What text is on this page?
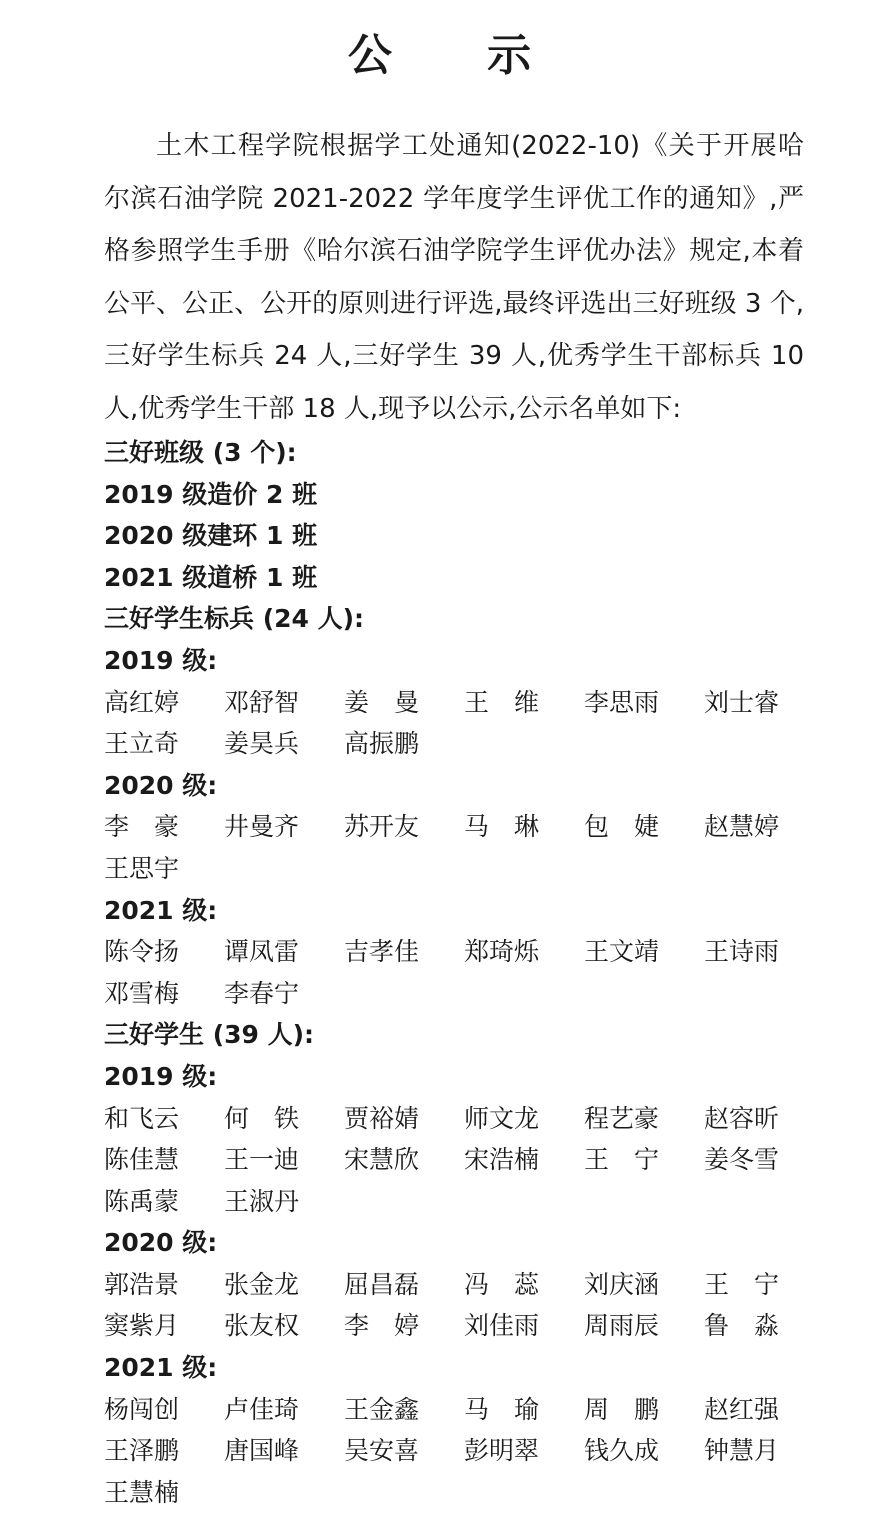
公 示

土木工程学院根据学工处通知(2022-10)《关于开展哈尔滨石油学院 2021-2022 学年度学生评优工作的通知》,严格参照学生手册《哈尔滨石油学院学生评优办法》规定,本着公平、公正、公开的原则进行评选,最终评选出三好班级 3 个,三好学生标兵 24 人,三好学生 39 人,优秀学生干部标兵 10 人,优秀学生干部 18 人,现予以公示,公示名单如下:

三好班级 (3 个):
2019 级造价 2 班
2020 级建环 1 班
2021 级道桥 1 班
三好学生标兵 (24 人):
2019 级:
高红婷	邓舒智	姜　曼	王　维	李思雨	刘士睿
王立奇	姜昊兵	高振鹏
2020 级:
李　豪	井曼齐	苏开友	马　琳	包　婕	赵慧婷
王思宇
2021 级:
陈令扬	谭凤雷	吉孝佳	郑琦烁	王文靖	王诗雨
邓雪梅	李春宁
三好学生 (39 人):
2019 级:
和飞云	何　铁	贾裕婧	师文龙	程艺豪	赵容昕
陈佳慧	王一迪	宋慧欣	宋浩楠	王　宁	姜冬雪
陈禹蒙	王淑丹
2020 级:
郭浩景	张金龙	屈昌磊	冯　蕊	刘庆涵	王　宁
窦紫月	张友权	李　婷	刘佳雨	周雨辰	鲁　淼
2021 级:
杨闯创	卢佳琦	王金鑫	马　瑜	周　鹏	赵红强
王泽鹏	唐国峰	吴安喜	彭明翠	钱久成	钟慧月
王慧楠
